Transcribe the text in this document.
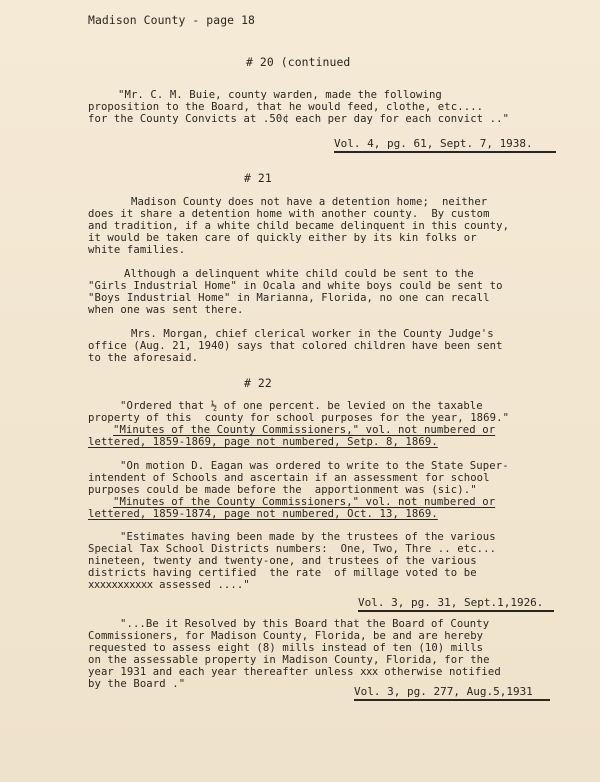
Madison County - page 18
# 20 (continued
"Mr. C. M. Buie, county warden, made the following
proposition to the Board, that he would feed, clothe, etc....
for the County Convicts at .50¢ each per day for each convict .."
Vol. 4, pg. 61, Sept. 7, 1938.
# 21
Madison County does not have a detention home;  neither
does it share a detention home with another county.  By custom
and tradition, if a white child became delinquent in this county,
it would be taken care of quickly either by its kin folks or
white families.
Although a delinquent white child could be sent to the
"Girls Industrial Home" in Ocala and white boys could be sent to
"Boys Industrial Home" in Marianna, Florida, no one can recall
when one was sent there.
Mrs. Morgan, chief clerical worker in the County Judge's
office (Aug. 21, 1940) says that colored children have been sent
to the aforesaid.
# 22
"Ordered that ½ of one percent. be levied on the taxable
property of this  county for school purposes for the year, 1869."
"Minutes of the County Commissioners," vol. not numbered or
lettered, 1859-1869, page not numbered, Setp. 8, 1869.
"On motion D. Eagan was ordered to write to the State Super-
intendent of Schools and ascertain if an assessment for school
purposes could be made before the  apportionment was (sic)."
"Minutes of the County Commissioners," vol. not numbered or
lettered, 1859-1874, page not numbered, Oct. 13, 1869.
"Estimates having been made by the trustees of the various
Special Tax School Districts numbers:  One, Two, Thre .. etc...
nineteen, twenty and twenty-one, and trustees of the various
districts having certified  the rate  of millage voted to be
xxxxxxxxxxx assessed ...."
Vol. 3, pg. 31, Sept.1,1926.
"...Be it Resolved by this Board that the Board of County
Commissioners, for Madison County, Florida, be and are hereby
requested to assess eight (8) mills instead of ten (10) mills
on the assessable property in Madison County, Florida, for the
year 1931 and each year thereafter unless xxx otherwise notified
by the Board ."
Vol. 3, pg. 277, Aug.5,1931
